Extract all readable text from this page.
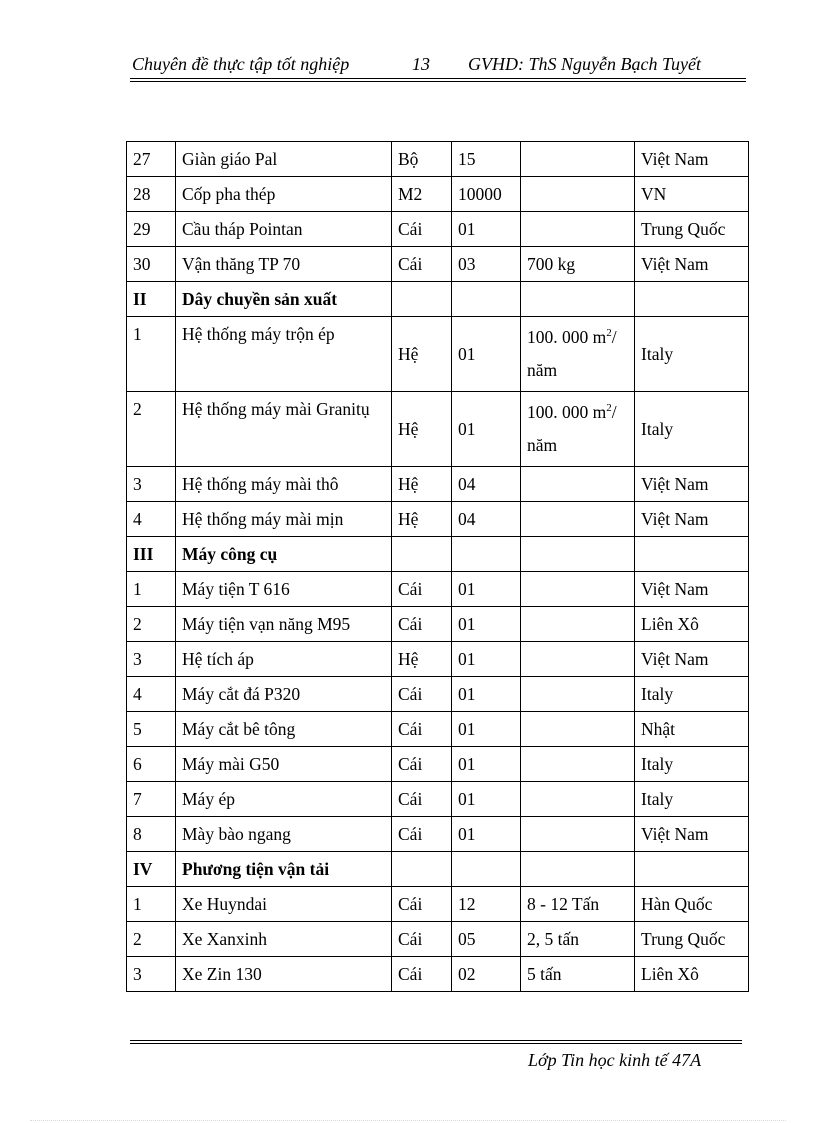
Chuyên đề thực tập tốt nghiệp	13 GVHD: ThS Nguyễn Bạch Tuyết
27	Giàn giáo Pal	Bộ	15		Việt Nam
28	Cốp pha thép	M2	10000		VN
29	Cầu tháp Pointan	Cái	01		Trung Quốc
30	Vận thăng TP 70	Cái	03	700 kg	Việt Nam
II	Dây chuyền sản xuất				
1	Hệ thống máy trộn ép	Hệ	01	100. 000 $m^2/$ năm	Italy
2	Hệ thống máy mài Granitụ	Hệ	01	100. 000 $m^2/$ năm	Italy
3	Hệ thống máy mài thô	Hệ	04		Việt Nam
4	Hệ thống máy mài mịn	Hệ	04		Việt Nam
III	Máy công cụ				
1	Máy tiện T 616	Cái	01		Việt Nam
2	Máy tiện vạn năng M95	Cái	01		Liên Xô
3	Hệ tích áp	Hệ	01		Việt Nam
4	Máy cắt đá P320	Cái	01		Italy
5	Máy cắt bê tông	Cái	01		Nhật
6	Máy mài G50	Cái	01		Italy
7	Máy ép	Cái	01		Italy
8	Mày bào ngang	Cái	01		Việt Nam
IV	Phương tiện vận tải				
1	Xe Huyndai	Cái	12	8 - 12 Tấn	Hàn Quốc
2	Xe Xanxinh	Cái	05	2, 5 tấn	Trung Quốc
3	Xe Zin 130	Cái	02	5 tấn	Liên Xô
Lớp Tin học kinh tế 47A
